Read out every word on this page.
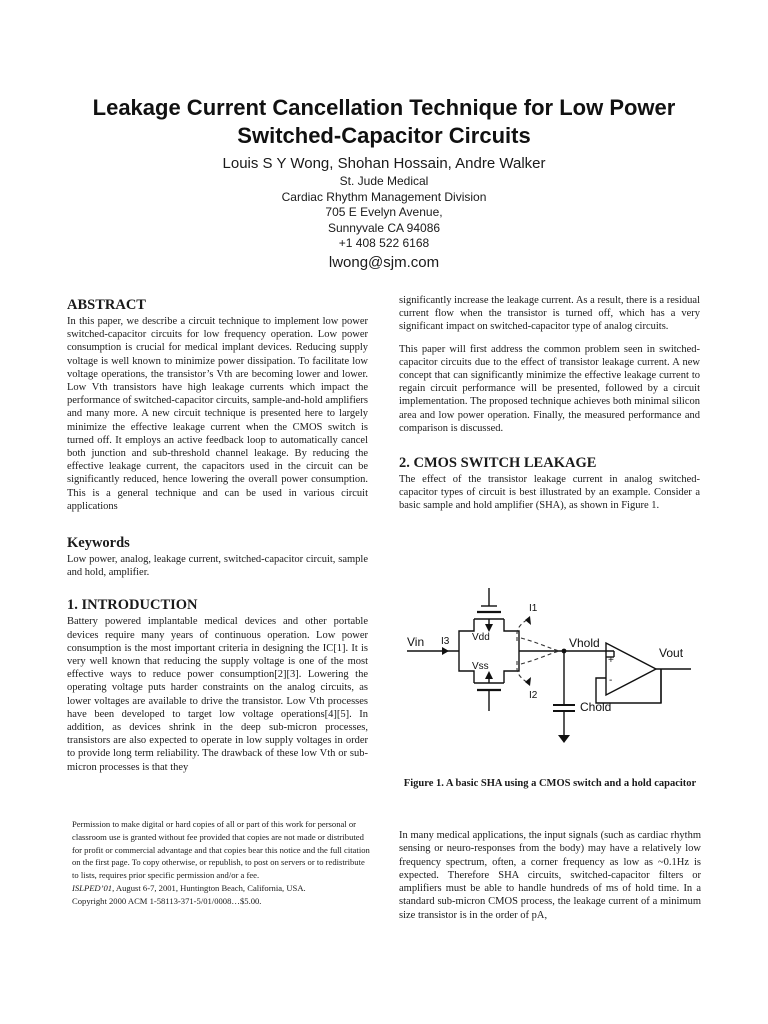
Leakage Current Cancellation Technique for Low Power
Switched-Capacitor Circuits
Louis S Y Wong, Shohan Hossain, Andre Walker
St. Jude Medical
Cardiac Rhythm Management Division
705 E Evelyn Avenue,
Sunnyvale CA 94086
+1 408 522 6168
lwong@sjm.com
ABSTRACT
In this paper, we describe a circuit technique to implement low power switched-capacitor circuits for low frequency operation. Low power consumption is crucial for medical implant devices. Reducing supply voltage is well known to minimize power dissipation. To facilitate low voltage operations, the transistor’s Vth are becoming lower and lower. Low Vth transistors have high leakage currents which impact the performance of switched-capacitor circuits, sample-and-hold amplifiers and many more. A new circuit technique is presented here to largely minimize the effective leakage current when the CMOS switch is turned off. It employs an active feedback loop to automatically cancel both junction and sub-threshold channel leakage. By reducing the effective leakage current, the capacitors used in the circuit can be significantly reduced, hence lowering the overall power consumption. This is a general technique and can be used in various circuit applications
Keywords
Low power, analog, leakage current, switched-capacitor circuit, sample and hold, amplifier.
1. INTRODUCTION
Battery powered implantable medical devices and other portable devices require many years of continuous operation. Low power consumption is the most important criteria in designing the IC[1]. It is very well known that reducing the supply voltage is one of the most effective ways to reduce power consumption[2][3]. Lowering the operating voltage puts harder constraints on the analog circuits, as lower voltages are available to drive the transistor. Low Vth processes have been developed to target low voltage operations[4][5]. In addition, as devices shrink in the deep sub-micron processes, transistors are also expected to operate in low supply voltages in order to provide long term reliability. The drawback of these low Vth or sub-micron processes is that they
Permission to make digital or hard copies of all or part of this work for personal or classroom use is granted without fee provided that copies are not made or distributed for profit or commercial advantage and that copies bear this notice and the full citation on the first page. To copy otherwise, or republish, to post on servers or to redistribute to lists, requires prior specific permission and/or a fee.
ISLPED’01, August 6-7, 2001, Huntington Beach, California, USA.
Copyright 2000 ACM 1-58113-371-5/01/0008…$5.00.
significantly increase the leakage current. As a result, there is a residual current flow when the transistor is turned off, which has a very significant impact on switched-capacitor type of analog circuits.
This paper will first address the common problem seen in switched-capacitor circuits due to the effect of transistor leakage current. A new concept that can significantly minimize the effective leakage current to regain circuit performance will be presented, followed by a circuit implementation. The proposed technique achieves both minimal silicon area and low power operation. Finally, the measured performance and comparison is discussed.
2. CMOS SWITCH LEAKAGE
The effect of the transistor leakage current in analog switched-capacitor types of circuit is best illustrated by an example. Consider a basic sample and hold amplifier (SHA), as shown in Figure 1.
Vin I3 Vdd
Vss
I1
I2
Vhold
Vout
Chold
+
-
Figure 1. A basic SHA using a CMOS switch and a hold capacitor
In many medical applications, the input signals (such as cardiac rhythm sensing or neuro-responses from the body) may have a relatively low frequency spectrum, often, a corner frequency as low as ~0.1Hz is expected. Therefore SHA circuits, switched-capacitor filters or amplifiers must be able to handle hundreds of ms of hold time. In a standard sub-micron CMOS process, the leakage current of a minimum size transistor is in the order of pA,
